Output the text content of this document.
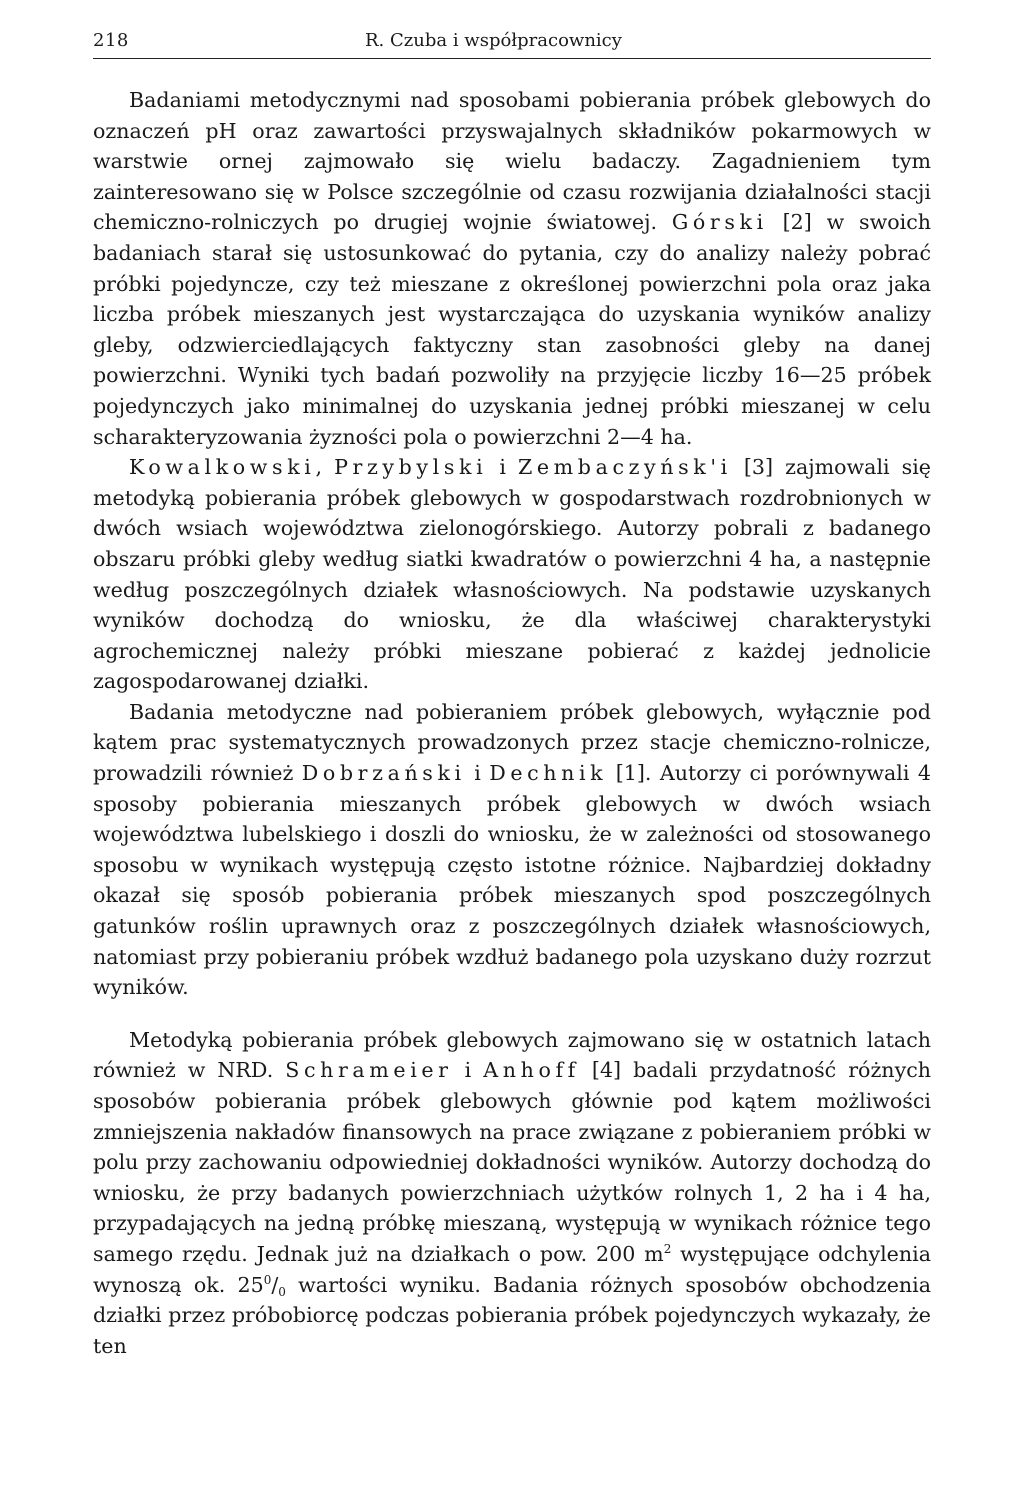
218	R. Czuba i współpracownicy

Badaniami metodycznymi nad sposobami pobierania próbek glebowych do oznaczeń pH oraz zawartości przyswajalnych składników pokarmowych w warstwie ornej zajmowało się wielu badaczy. Zagadnieniem tym zainteresowano się w Polsce szczególnie od czasu rozwijania działalności stacji chemiczno-rolniczych po drugiej wojnie światowej. Górski [2] w swoich badaniach starał się ustosunkować do pytania, czy do analizy należy pobrać próbki pojedyncze, czy też mieszane z określonej powierzchni pola oraz jaka liczba próbek mieszanych jest wystarczająca do uzyskania wyników analizy gleby, odzwierciedlających faktyczny stan zasobności gleby na danej powierzchni. Wyniki tych badań pozwoliły na przyjęcie liczby 16—25 próbek pojedynczych jako minimalnej do uzyskania jednej próbki mieszanej w celu scharakteryzowania żyzności pola o powierzchni 2—4 ha.

Kowalkowski, Przybylski i Zembaczyńsk'i [3] zajmowali się metodyką pobierania próbek glebowych w gospodarstwach rozdrobnionych w dwóch wsiach województwa zielonogórskiego. Autorzy pobrali z badanego obszaru próbki gleby według siatki kwadratów o powierzchni 4 ha, a następnie według poszczególnych działek własnościowych. Na podstawie uzyskanych wyników dochodzą do wniosku, że dla właściwej charakterystyki agrochemicznej należy próbki mieszane pobierać z każdej jednolicie zagospodarowanej działki.

Badania metodyczne nad pobieraniem próbek glebowych, wyłącznie pod kątem prac systematycznych prowadzonych przez stacje chemiczno-rolnicze, prowadzili również Dobrzański i Dechnik [1]. Autorzy ci porównywali 4 sposoby pobierania mieszanych próbek glebowych w dwóch wsiach województwa lubelskiego i doszli do wniosku, że w zależności od stosowanego sposobu w wynikach występują często istotne różnice. Najbardziej dokładny okazał się sposób pobierania próbek mieszanych spod poszczególnych gatunków roślin uprawnych oraz z poszczególnych działek własnościowych, natomiast przy pobieraniu próbek wzdłuż badanego pola uzyskano duży rozrzut wyników.

Metodyką pobierania próbek glebowych zajmowano się w ostatnich latach również w NRD. Schrameier i Anhoff [4] badali przydatność różnych sposobów pobierania próbek glebowych głównie pod kątem możliwości zmniejszenia nakładów finansowych na prace związane z pobieraniem próbki w polu przy zachowaniu odpowiedniej dokładności wyników. Autorzy dochodzą do wniosku, że przy badanych powierzchniach użytków rolnych 1, 2 ha i 4 ha, przypadających na jedną próbkę mieszaną, występują w wynikach różnice tego samego rzędu. Jednak już na działkach o pow. 200 $m^2$ występujące odchylenia wynoszą ok. $25^0/_0$ wartości wyniku. Badania różnych sposobów obchodzenia działki przez próbobiorcę podczas pobierania próbek pojedynczych wykazały, że ten
